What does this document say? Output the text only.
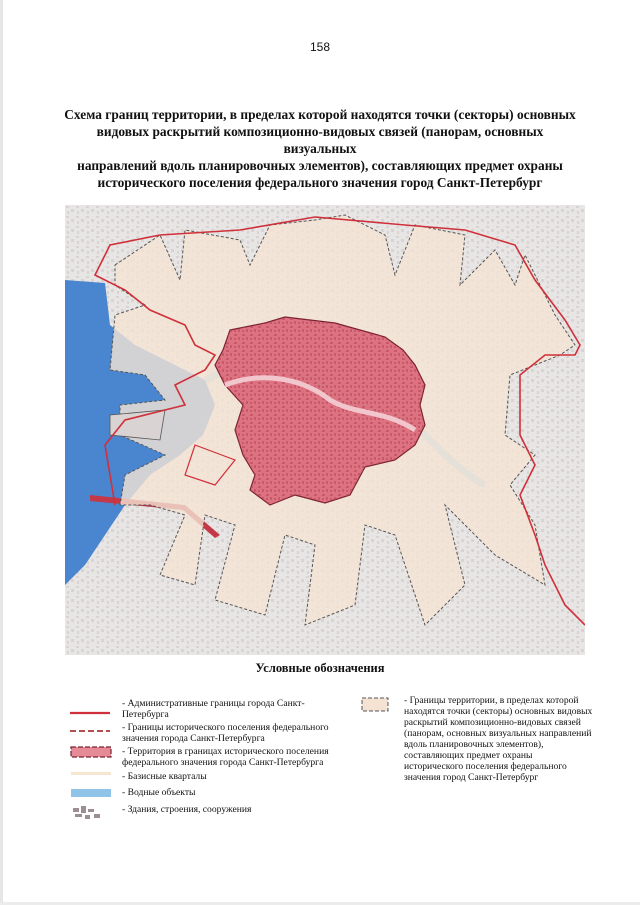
158
Схема границ территории, в пределах которой находятся точки (секторы) основных
видовых раскрытий композиционно-видовых связей (панорам, основных визуальных
направлений вдоль планировочных элементов), составляющих предмет охраны
исторического поселения федерального значения город Санкт-Петербург
Условные обозначения
- Административные границы города Санкт-Петербурга
- Границы исторического поселения федерального значения города Санкт-Петербурга
- Территория в границах исторического поселения федерального значения города Санкт-Петербурга
- Базисные кварталы
- Водные объекты
- Здания, строения, сооружения
- Границы территории, в пределах которой находятся точки (секторы) основных видовых раскрытий композиционно-видовых связей (панорам, основных визуальных направлений вдоль планировочных элементов), составляющих предмет охраны исторического поселения федерального значения город Санкт-Петербург
